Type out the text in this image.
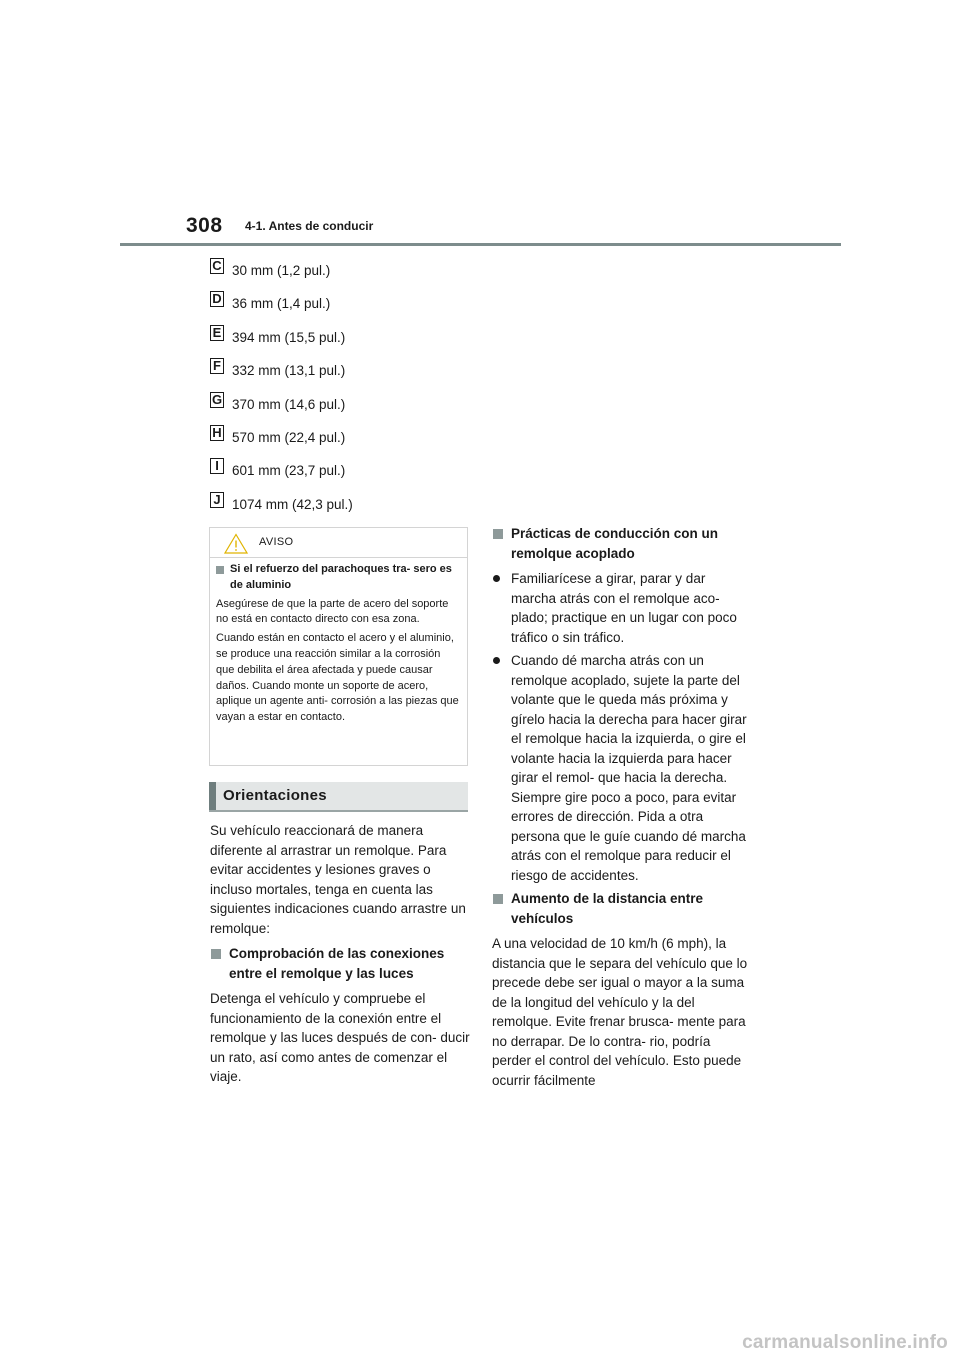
308 4-1. Antes de conducir
C 30 mm (1,2 pul.)
D 36 mm (1,4 pul.)
E 394 mm (15,5 pul.)
F 332 mm (13,1 pul.)
G 370 mm (14,6 pul.)
H 570 mm (22,4 pul.)
I 601 mm (23,7 pul.)
J 1074 mm (42,3 pul.)
AVISO
Si el refuerzo del parachoques tra- sero es de aluminio

Asegúrese de que la parte de acero del soporte no está en contacto directo con esa zona.

Cuando están en contacto el acero y el aluminio, se produce una reacción similar a la corrosión que debilita el área afectada y puede causar daños. Cuando monte un soporte de acero, aplique un agente anti- corrosión a las piezas que vayan a estar en contacto.

Orientaciones

Su vehículo reaccionará de manera diferente al arrastrar un remolque. Para evitar accidentes y lesiones graves o incluso mortales, tenga en cuenta las siguientes indicaciones cuando arrastre un remolque:

Comprobación de las conexiones entre el remolque y las luces

Detenga el vehículo y compruebe el funcionamiento de la conexión entre el remolque y las luces después de con- ducir un rato, así como antes de comenzar el viaje.

Prácticas de conducción con un remolque acoplado
Familiarícese a girar, parar y dar marcha atrás con el remolque aco- plado; practique en un lugar con poco tráfico o sin tráfico.
Cuando dé marcha atrás con un remolque acoplado, sujete la parte del volante que le queda más próxima y gírelo hacia la derecha para hacer girar el remolque hacia la izquierda, o gire el volante hacia la izquierda para hacer girar el remol- que hacia la derecha. Siempre gire poco a poco, para evitar errores de dirección. Pida a otra persona que le guíe cuando dé marcha atrás con el remolque para reducir el riesgo de accidentes.
Aumento de la distancia entre vehículos

A una velocidad de 10 km/h (6 mph), la distancia que le separa del vehículo que lo precede debe ser igual o mayor a la suma de la longitud del vehículo y la del remolque. Evite frenar brusca- mente para no derrapar. De lo contra- rio, podría perder el control del vehículo. Esto puede ocurrir fácilmente

carmanualsonline.info
